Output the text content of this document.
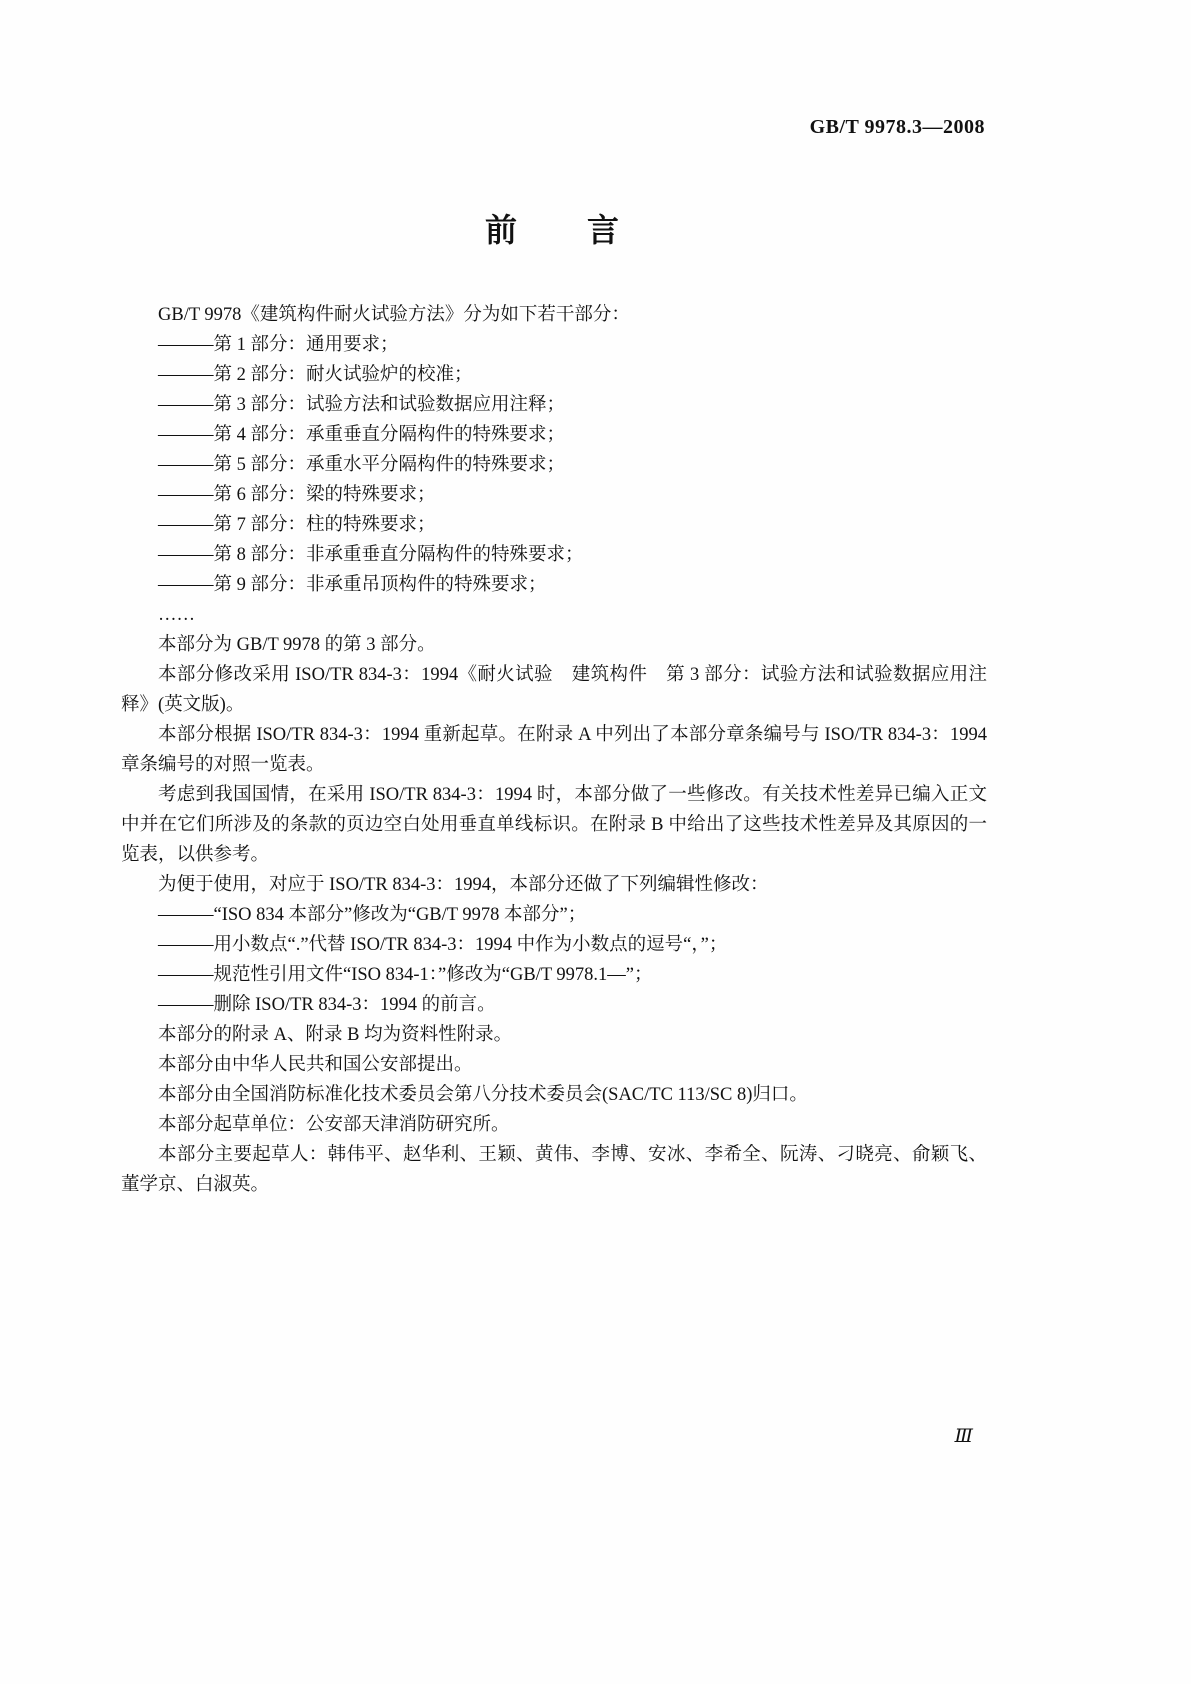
GB/T 9978.3—2008
前　　言

GB/T 9978《建筑构件耐火试验方法》分为如下若干部分：

———第 1 部分：通用要求；

———第 2 部分：耐火试验炉的校准；

———第 3 部分：试验方法和试验数据应用注释；

———第 4 部分：承重垂直分隔构件的特殊要求；

———第 5 部分：承重水平分隔构件的特殊要求；

———第 6 部分：梁的特殊要求；

———第 7 部分：柱的特殊要求；

———第 8 部分：非承重垂直分隔构件的特殊要求；

———第 9 部分：非承重吊顶构件的特殊要求；

……

本部分为 GB/T 9978 的第 3 部分。

本部分修改采用 ISO/TR 834-3：1994《耐火试验　建筑构件　第 3 部分：试验方法和试验数据应用注释》(英文版)。

本部分根据 ISO/TR 834-3：1994 重新起草。在附录 A 中列出了本部分章条编号与 ISO/TR 834-3：1994 章条编号的对照一览表。

考虑到我国国情，在采用 ISO/TR 834-3：1994 时，本部分做了一些修改。有关技术性差异已编入正文中并在它们所涉及的条款的页边空白处用垂直单线标识。在附录 B 中给出了这些技术性差异及其原因的一览表，以供参考。

为便于使用，对应于 ISO/TR 834-3：1994，本部分还做了下列编辑性修改：

———“ISO 834 本部分”修改为“GB/T 9978 本部分”；

———用小数点“.”代替 ISO/TR 834-3：1994 中作为小数点的逗号“，”；

———规范性引用文件“ISO 834-1：”修改为“GB/T 9978.1—”；

———删除 ISO/TR 834-3：1994 的前言。

本部分的附录 A、附录 B 均为资料性附录。

本部分由中华人民共和国公安部提出。

本部分由全国消防标准化技术委员会第八分技术委员会(SAC/TC 113/SC 8)归口。

本部分起草单位：公安部天津消防研究所。

本部分主要起草人：韩伟平、赵华利、王颖、黄伟、李博、安冰、李希全、阮涛、刁晓亮、俞颖飞、董学京、白淑英。

Ⅲ
